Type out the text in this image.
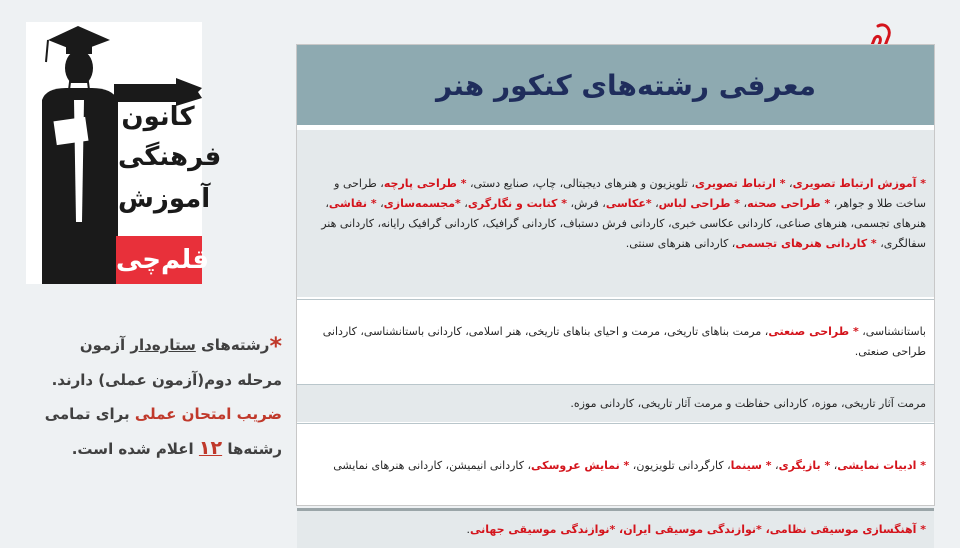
کانون
فرهنگی
آموزش
قلم‌چی
*رشته‌های ستاره‌دار آزمون مرحله دوم(آزمون عملی) دارند. ضریب امتحان عملی برای تمامی رشته‌ها ۱۲ اعلام شده است.
معرفی رشته‌های کنکور هنر

* آموزش ارتباط تصویری، * ارتباط تصویری، تلویزیون و هنرهای دیجیتالی، چاپ، صنایع دستی، * طراحی پارچه، طراحی و ساخت طلا و جواهر، * طراحی صحنه، * طراحی لباس، *عکاسی، فرش، * کتابت و نگارگری، *مجسمه‌سازی، * نقاشی، هنرهای تجسمی، هنرهای صناعی، کاردانی عکاسی خبری، کاردانی فرش دستباف، کاردانی گرافیک، کاردانی گرافیک رایانه، کاردانی هنر سفالگری، * کاردانی هنرهای تجسمی، کاردانی هنرهای سنتی.

باستانشناسی، * طراحی صنعتی، مرمت بناهای تاریخی، مرمت و احیای بناهای تاریخی، هنر اسلامی، کاردانی باستانشناسی، کاردانی طراحی صنعتی.

مرمت آثار تاریخی، موزه، کاردانی حفاظت و مرمت آثار تاریخی، کاردانی موزه.

* ادبیات نمایشی، * بازیگری، * سینما، کارگردانی تلویزیون، * نمایش عروسکی، کاردانی انیمیشن، کاردانی هنرهای نمایشی

* آهنگسازی موسیقی نظامی، *نوازندگی موسیقی ایران، *نوازندگی موسیقی جهانی.
